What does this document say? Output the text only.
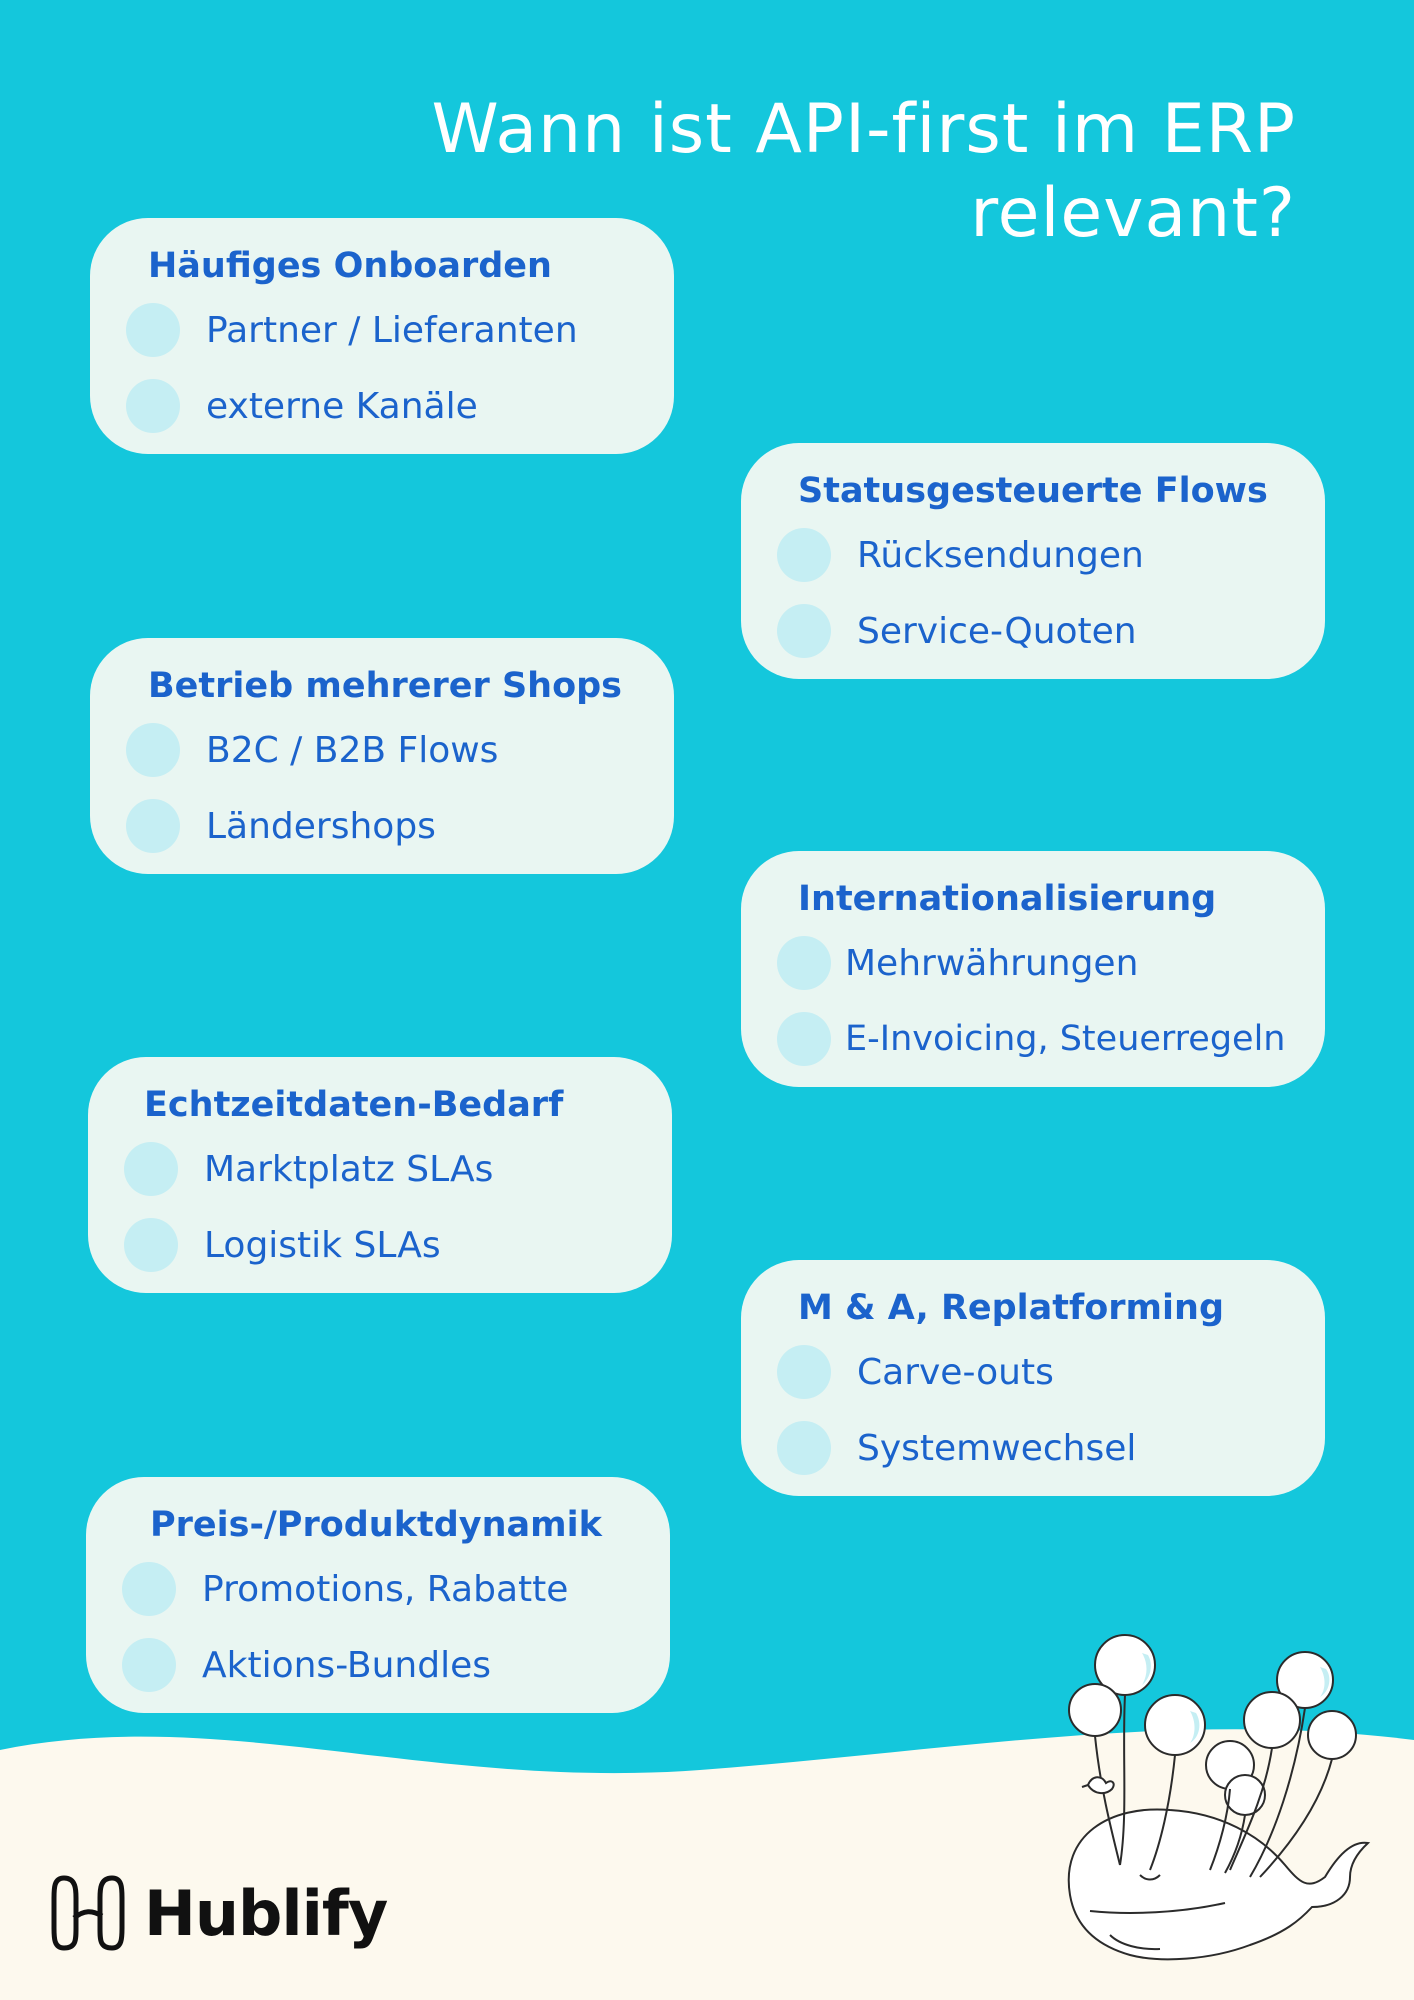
Wann ist API-first im ERP relevant?
Häufiges Onboarden
Partner / Lieferanten
externe Kanäle
Statusgesteuerte Flows
Rücksendungen
Service-Quoten
Betrieb mehrerer Shops
B2C / B2B Flows
Ländershops
Internationalisierung
Mehrwährungen
E-Invoicing, Steuerregeln
Echtzeitdaten-Bedarf
Marktplatz SLAs
Logistik SLAs
M & A, Replatforming
Carve-outs
Systemwechsel
Preis-/Produktdynamik
Promotions, Rabatte
Aktions-Bundles
Hublify
